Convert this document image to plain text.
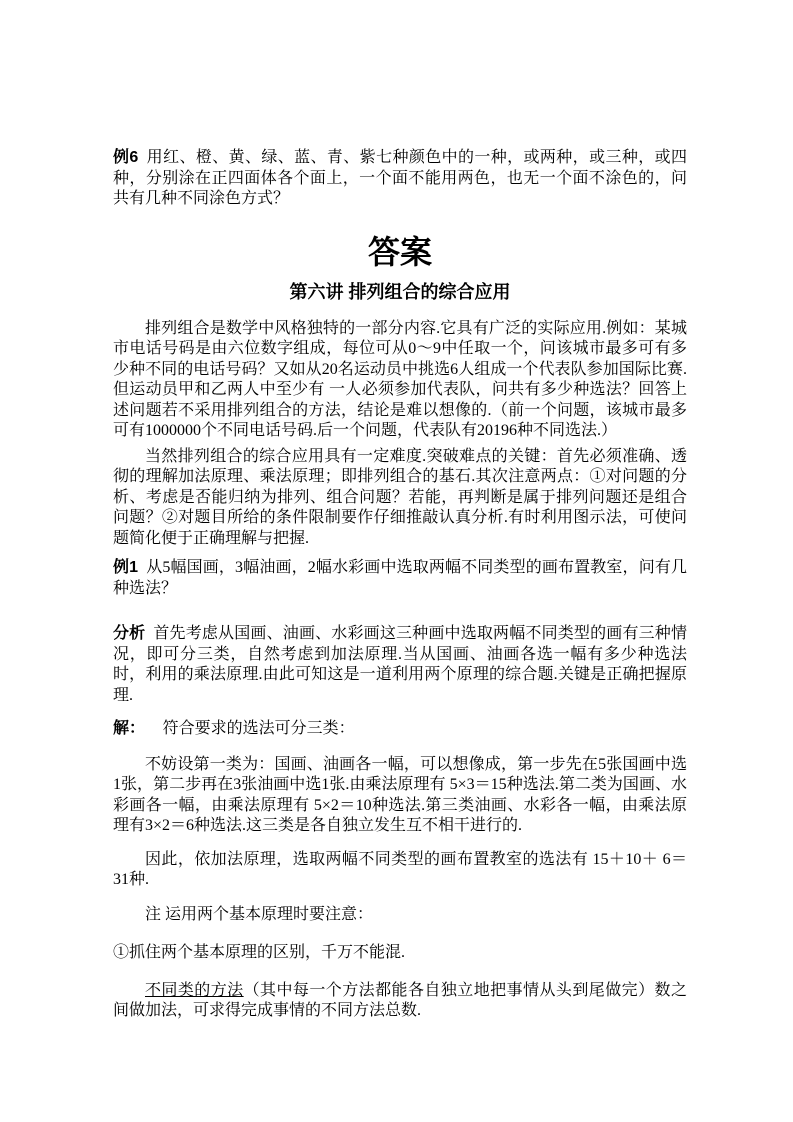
例6 用红、橙、黄、绿、蓝、青、紫七种颜色中的一种，或两种，或三种，或四种，分别涂在正四面体各个面上，一个面不能用两色，也无一个面不涂色的，问共有几种不同涂色方式？

答案
第六讲 排列组合的综合应用

排列组合是数学中风格独特的一部分内容.它具有广泛的实际应用.例如：某城市电话号码是由六位数字组成，每位可从0～9中任取一个，问该城市最多可有多少种不同的电话号码？又如从20名运动员中挑选6人组成一个代表队参加国际比赛.但运动员甲和乙两人中至少有 一人必须参加代表队，问共有多少种选法？回答上述问题若不采用排列组合的方法，结论是难以想像的.（前一个问题，该城市最多可有1000000个不同电话号码.后一个问题，代表队有20196种不同选法.）

当然排列组合的综合应用具有一定难度.突破难点的关键：首先必须准确、透彻的理解加法原理、乘法原理；即排列组合的基石.其次注意两点：①对问题的分析、考虑是否能归纳为排列、组合问题？若能，再判断是属于排列问题还是组合问题？②对题目所给的条件限制要作仔细推敲认真分析.有时利用图示法，可使问题简化便于正确理解与把握.

例1 从5幅国画，3幅油画，2幅水彩画中选取两幅不同类型的画布置教室，问有几种选法？

分析 首先考虑从国画、油画、水彩画这三种画中选取两幅不同类型的画有三种情况，即可分三类，自然考虑到加法原理.当从国画、油画各选一幅有多少种选法时，利用的乘法原理.由此可知这是一道利用两个原理的综合题.关键是正确把握原理.

解： 符合要求的选法可分三类：

不妨设第一类为：国画、油画各一幅，可以想像成，第一步先在5张国画中选1张，第二步再在3张油画中选1张.由乘法原理有 5×3＝15种选法.第二类为国画、水彩画各一幅，由乘法原理有 5×2＝10种选法.第三类油画、水彩各一幅，由乘法原理有3×2＝6种选法.这三类是各自独立发生互不相干进行的.

因此，依加法原理，选取两幅不同类型的画布置教室的选法有 15＋10＋ 6＝31种.

注 运用两个基本原理时要注意：

①抓住两个基本原理的区别，千万不能混.

不同类的方法（其中每一个方法都能各自独立地把事情从头到尾做完）数之间做加法，可求得完成事情的不同方法总数.
